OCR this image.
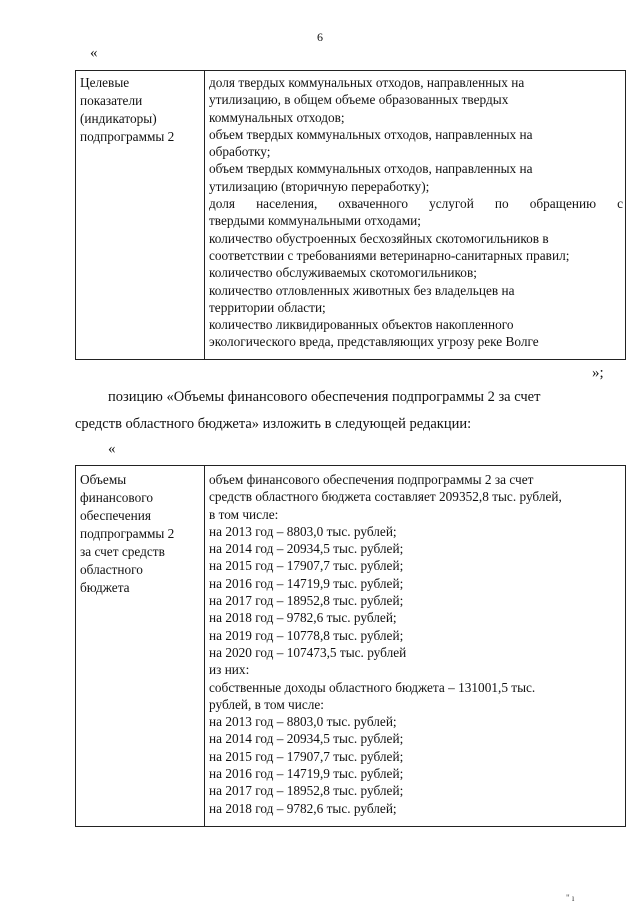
6
«
Целевые
показатели
(индикаторы)
подпрограммы 2
доля твердых коммунальных отходов, направленных на
утилизацию, в общем объеме образованных твердых
коммунальных отходов;
объем твердых коммунальных отходов, направленных на
обработку;
объем твердых коммунальных отходов, направленных на
утилизацию (вторичную переработку);
доля населения, охваченного услугой по обращению с
твердыми коммунальными отходами;
количество обустроенных бесхозяйных скотомогильников в
соответствии с требованиями ветеринарно-санитарных правил;
количество обслуживаемых скотомогильников;
количество отловленных животных без владельцев на
территории области;
количество ликвидированных объектов накопленного
экологического вреда, представляющих угрозу реке Волге
»;
позицию «Объемы финансового обеспечения подпрограммы 2 за счет
средств областного бюджета» изложить в следующей редакции:
«
Объемы
финансового
обеспечения
подпрограммы 2
за счет средств
областного
бюджета
объем финансового обеспечения подпрограммы 2 за счет
средств областного бюджета составляет 209352,8 тыс. рублей,
в том числе:
на 2013 год – 8803,0 тыс. рублей;
на 2014 год – 20934,5 тыс. рублей;
на 2015 год – 17907,7 тыс. рублей;
на 2016 год – 14719,9 тыс. рублей;
на 2017 год – 18952,8 тыс. рублей;
на 2018 год – 9782,6 тыс. рублей;
на 2019 год – 10778,8 тыс. рублей;
на 2020 год – 107473,5 тыс. рублей
из них:
собственные доходы областного бюджета – 131001,5 тыс.
рублей, в том числе:
на 2013 год – 8803,0 тыс. рублей;
на 2014 год – 20934,5 тыс. рублей;
на 2015 год – 17907,7 тыс. рублей;
на 2016 год – 14719,9 тыс. рублей;
на 2017 год – 18952,8 тыс. рублей;
на 2018 год – 9782,6 тыс. рублей;
" ı
